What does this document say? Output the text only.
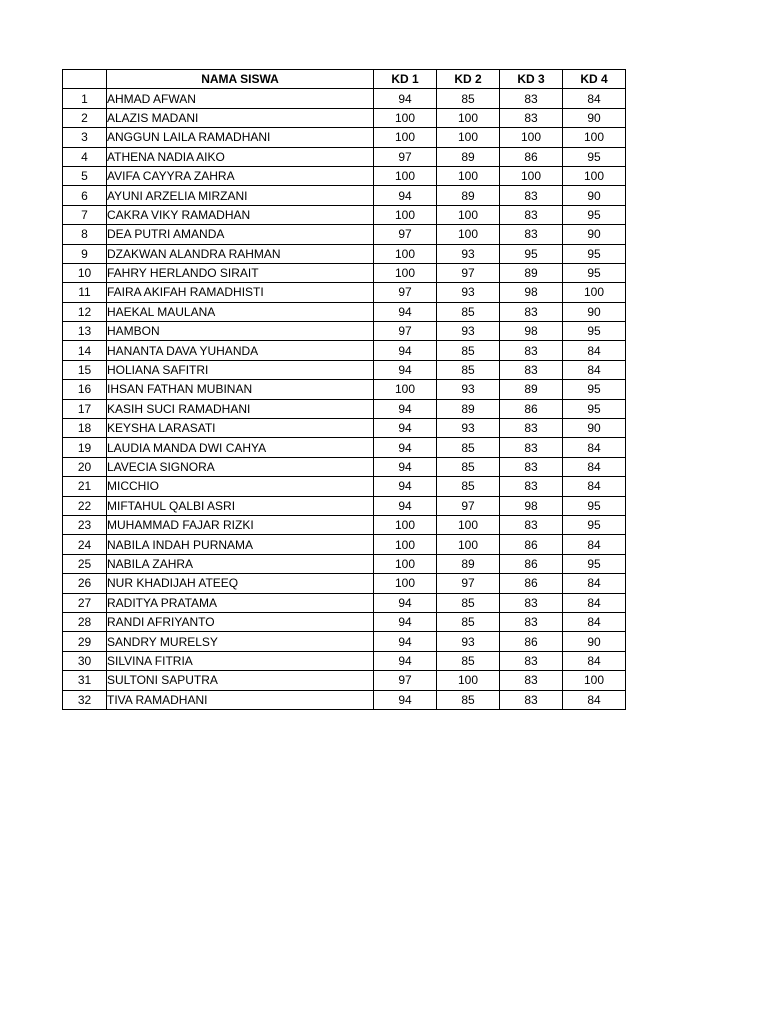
	NAMA SISWA	KD 1	KD 2	KD 3	KD 4
1	AHMAD AFWAN	94	85	83	84
2	ALAZIS MADANI	100	100	83	90
3	ANGGUN LAILA RAMADHANI	100	100	100	100
4	ATHENA NADIA AIKO	97	89	86	95
5	AVIFA CAYYRA ZAHRA	100	100	100	100
6	AYUNI ARZELIA MIRZANI	94	89	83	90
7	CAKRA VIKY RAMADHAN	100	100	83	95
8	DEA PUTRI AMANDA	97	100	83	90
9	DZAKWAN ALANDRA RAHMAN	100	93	95	95
10	FAHRY HERLANDO SIRAIT	100	97	89	95
11	FAIRA AKIFAH RAMADHISTI	97	93	98	100
12	HAEKAL MAULANA	94	85	83	90
13	HAMBON	97	93	98	95
14	HANANTA DAVA YUHANDA	94	85	83	84
15	HOLIANA SAFITRI	94	85	83	84
16	IHSAN FATHAN MUBINAN	100	93	89	95
17	KASIH SUCI RAMADHANI	94	89	86	95
18	KEYSHA LARASATI	94	93	83	90
19	LAUDIA MANDA DWI CAHYA	94	85	83	84
20	LAVECIA SIGNORA	94	85	83	84
21	MICCHIO	94	85	83	84
22	MIFTAHUL QALBI ASRI	94	97	98	95
23	MUHAMMAD FAJAR RIZKI	100	100	83	95
24	NABILA INDAH PURNAMA	100	100	86	84
25	NABILA ZAHRA	100	89	86	95
26	NUR KHADIJAH ATEEQ	100	97	86	84
27	RADITYA PRATAMA	94	85	83	84
28	RANDI AFRIYANTO	94	85	83	84
29	SANDRY MURELSY	94	93	86	90
30	SILVINA FITRIA	94	85	83	84
31	SULTONI SAPUTRA	97	100	83	100
32	TIVA RAMADHANI	94	85	83	84
